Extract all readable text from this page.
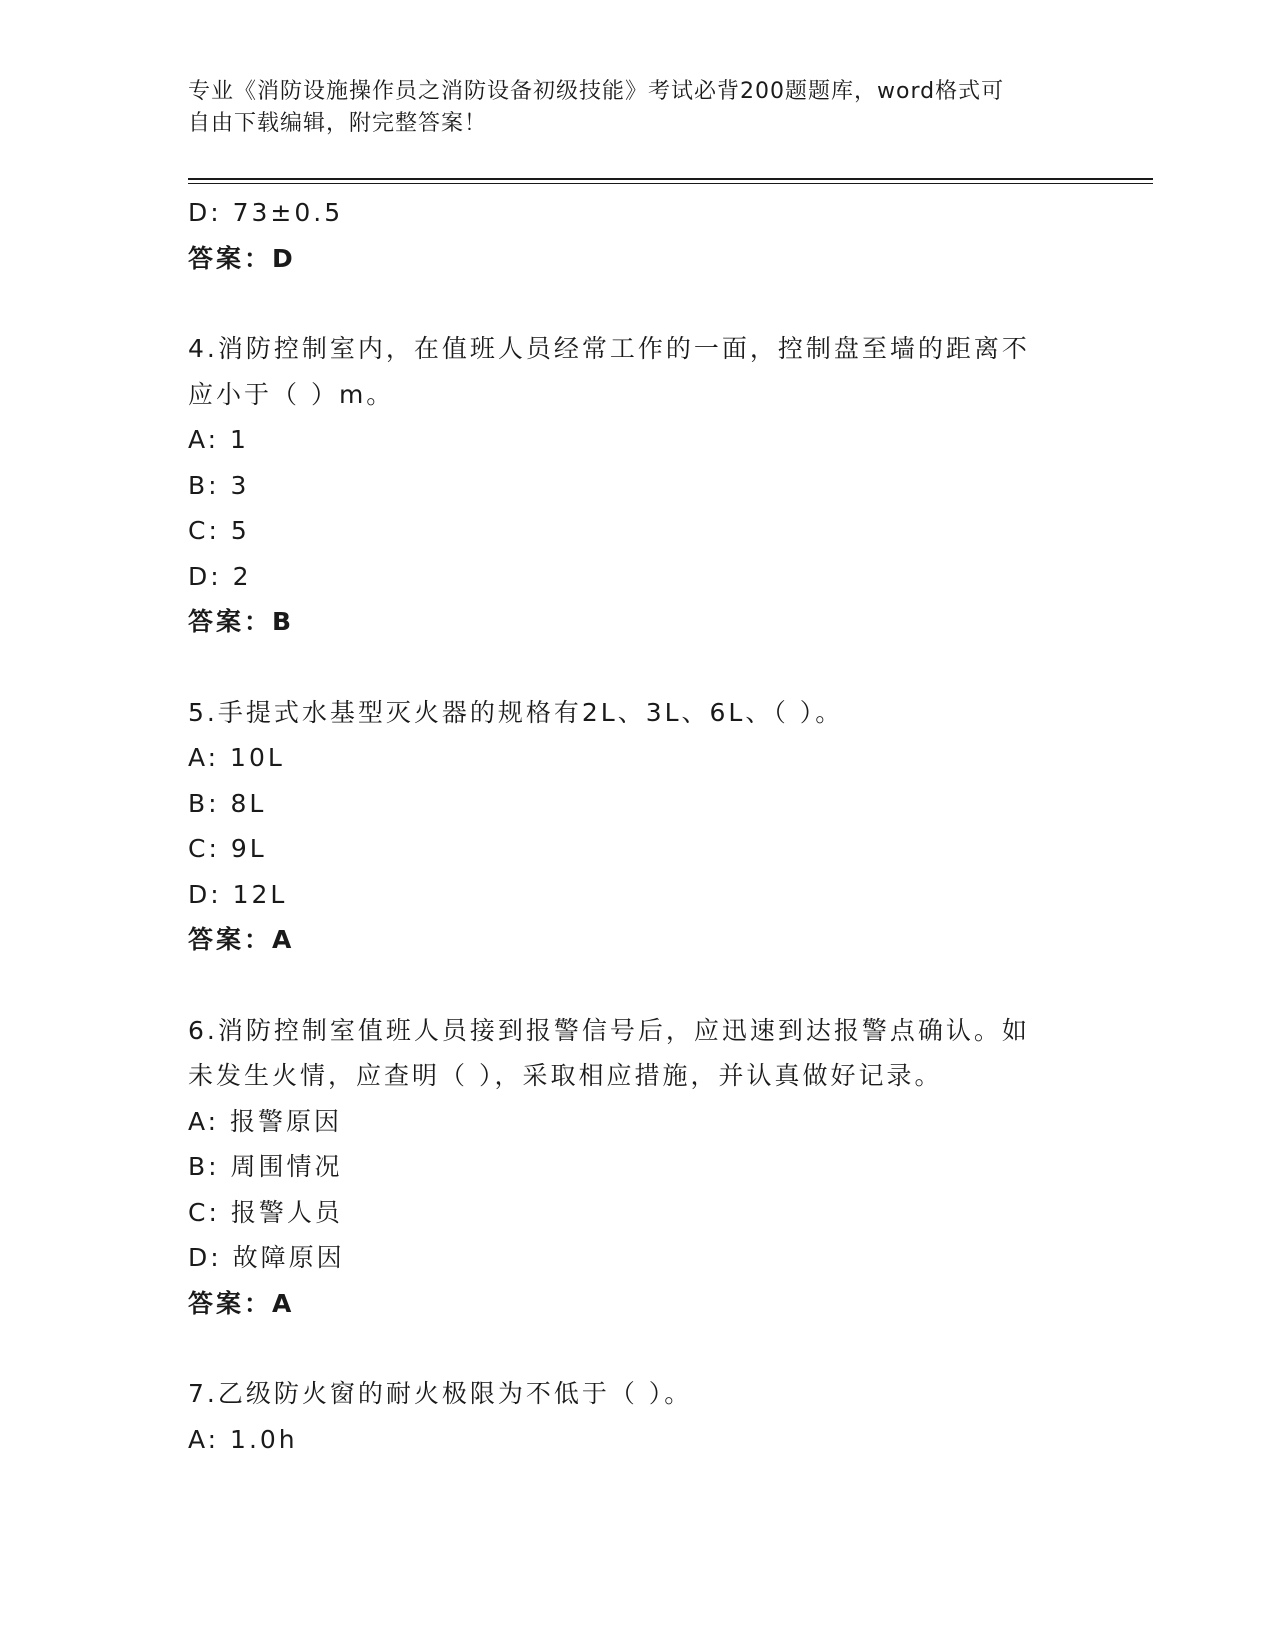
专业《消防设施操作员之消防设备初级技能》考试必背200题题库，word格式可
自由下载编辑，附完整答案！
D: 73±0.5
答案：D
4.消防控制室内，在值班人员经常工作的一面，控制盘至墙的距离不
应小于（ ）m。
A: 1
B: 3
C: 5
D: 2
答案：B
5.手提式水基型灭火器的规格有2L、3L、6L、（ ）。
A: 10L
B: 8L
C: 9L
D: 12L
答案：A
6.消防控制室值班人员接到报警信号后，应迅速到达报警点确认。如
未发生火情，应查明（ ），采取相应措施，并认真做好记录。
A: 报警原因
B: 周围情况
C: 报警人员
D: 故障原因
答案：A
7.乙级防火窗的耐火极限为不低于（ ）。
A: 1.0h
